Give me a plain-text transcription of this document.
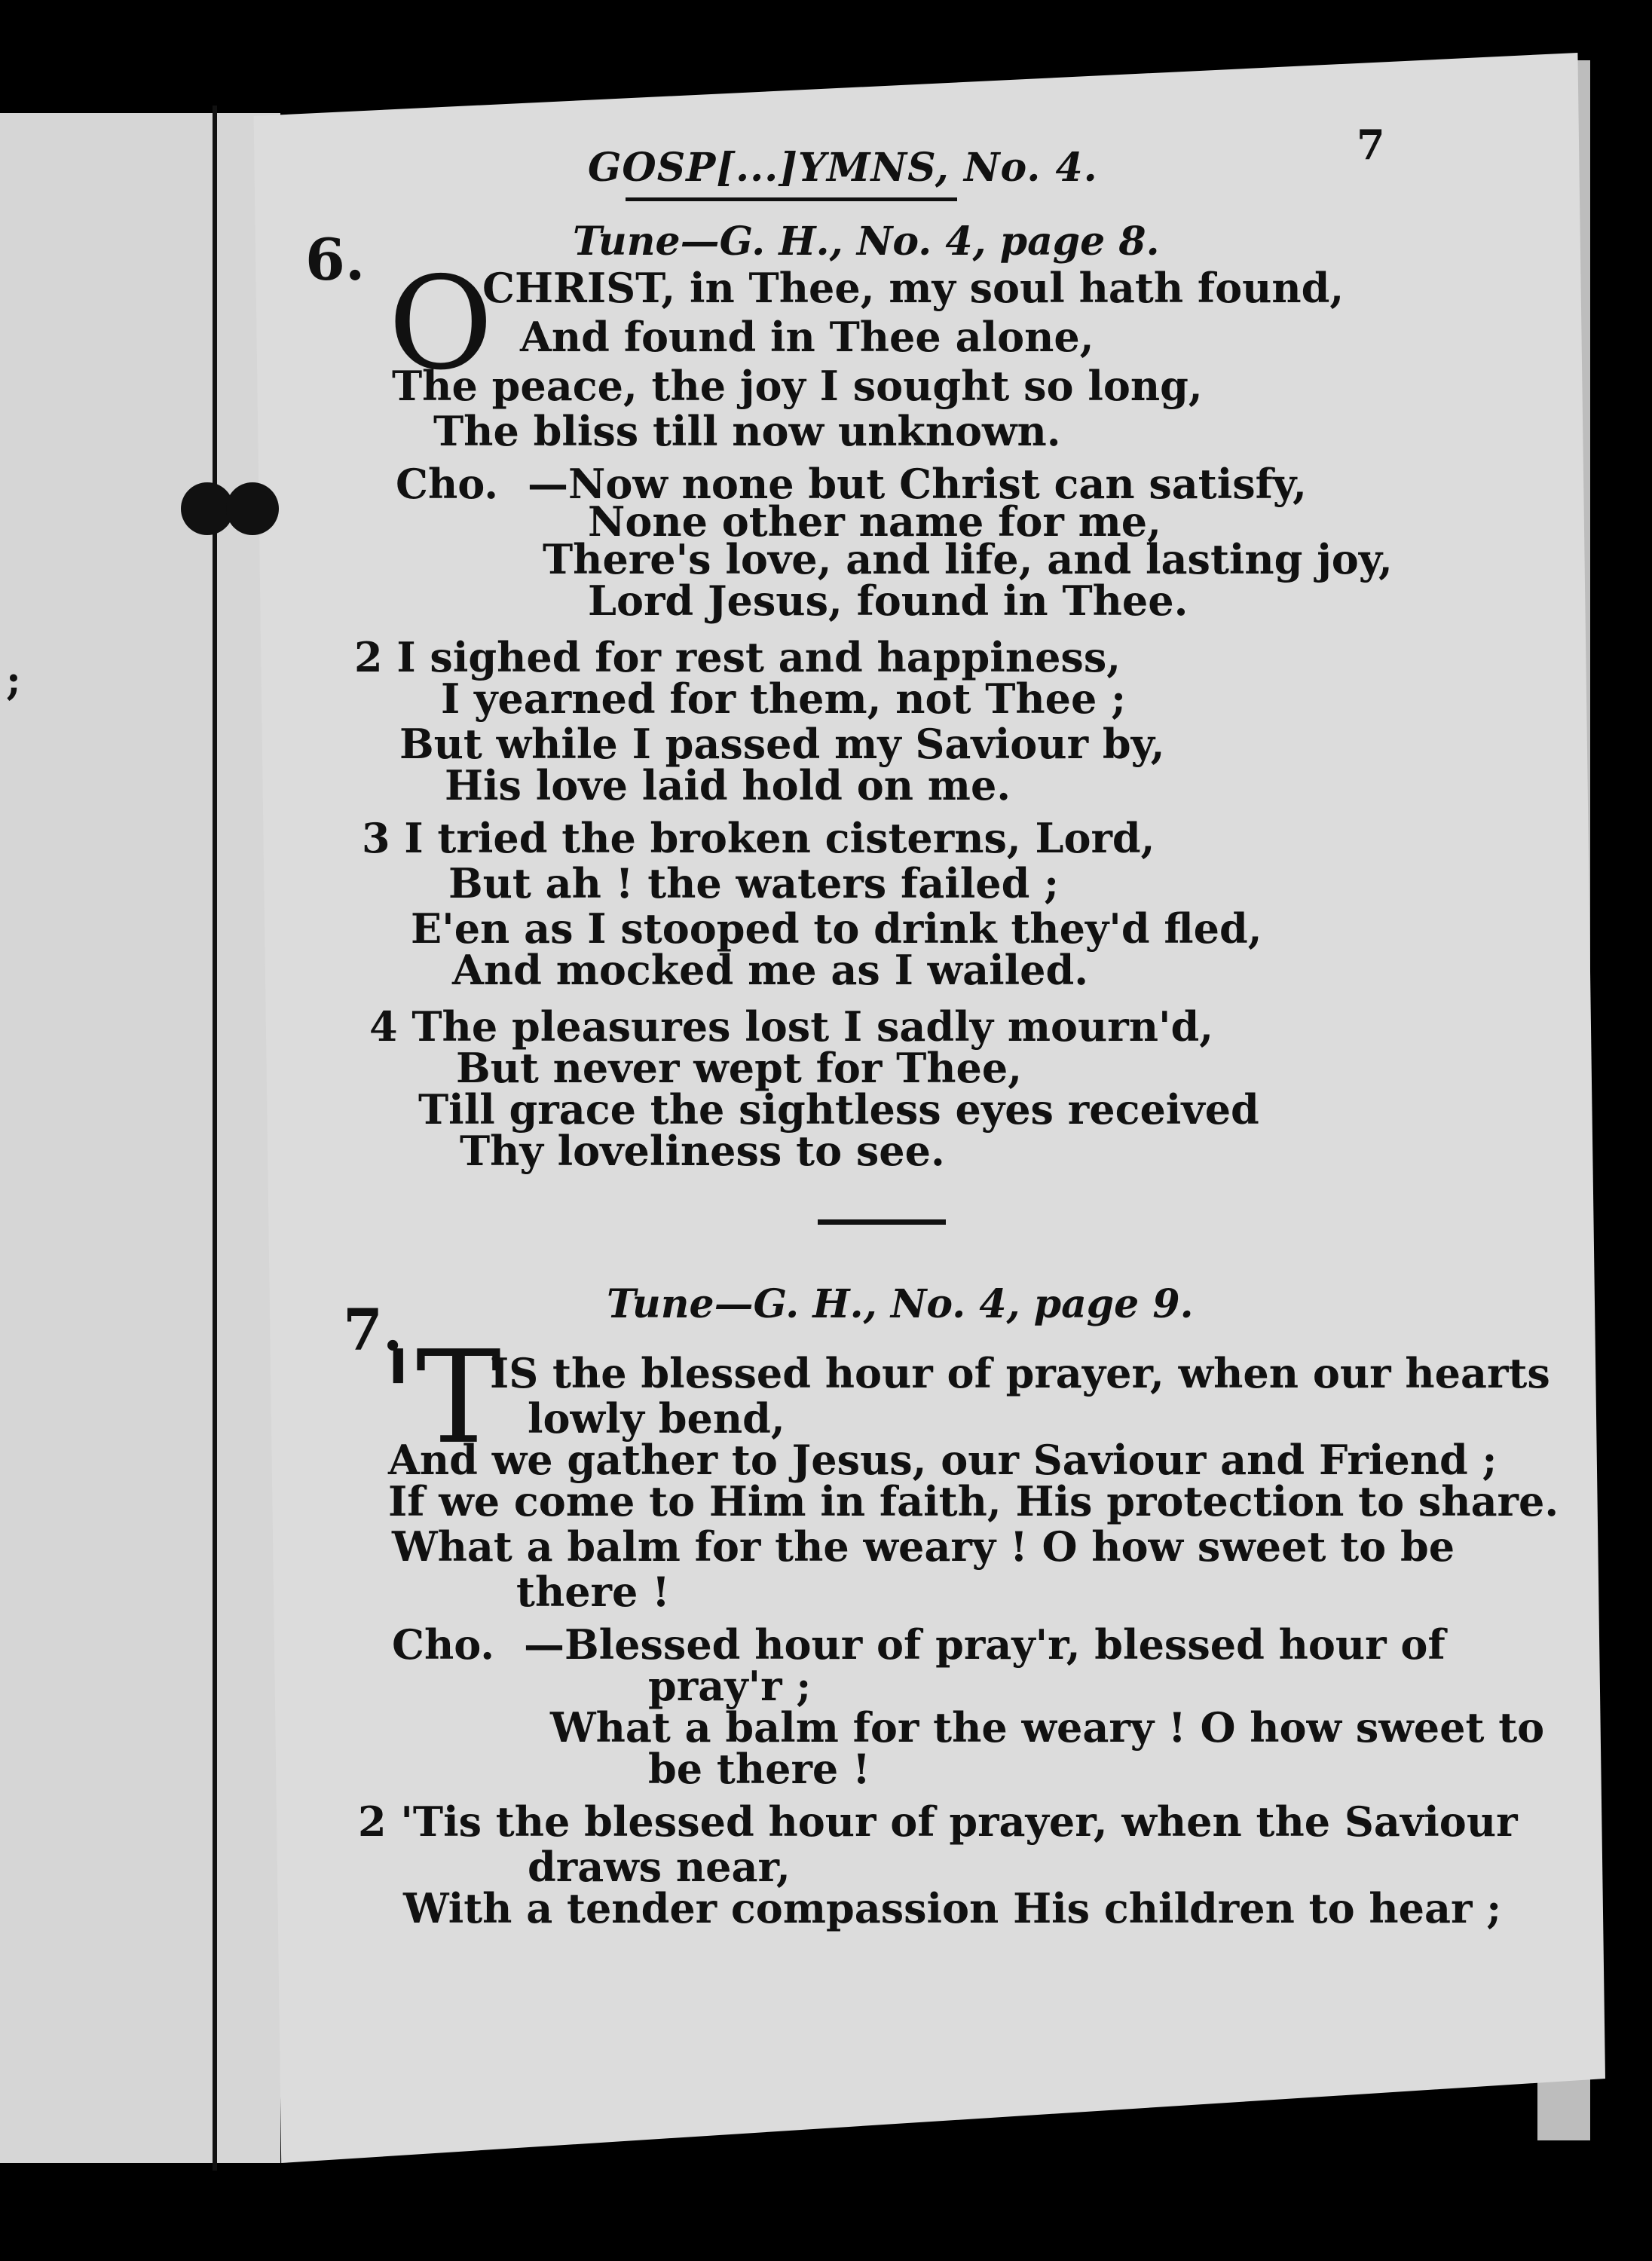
;
GOSP[...]YMNS, No. 4.	7
6.	Tune—G. H., No. 4, page 8.
O
CHRIST, in Thee, my soul hath found,
And found in Thee alone,
The peace, the joy I sought so long,
The bliss till now unknown.
Cho. —Now none but Christ can satisfy,
None other name for me,
There's love, and life, and lasting joy,
Lord Jesus, found in Thee.
2 I sighed for rest and happiness,
I yearned for them, not Thee ;
But while I passed my Saviour by,
His love laid hold on me.
3 I tried the broken cisterns, Lord,
But ah ! the waters failed ;
E'en as I stooped to drink they'd fled,
And mocked me as I wailed.
4 The pleasures lost I sadly mourn'd,
But never wept for Thee,
Till grace the sightless eyes received
Thy loveliness to see.
7.	Tune—G. H., No. 4, page 9.
'T
IS the blessed hour of prayer, when our hearts
lowly bend,
And we gather to Jesus, our Saviour and Friend ;
If we come to Him in faith, His protection to share.
What a balm for the weary ! O how sweet to be
there !
Cho. —Blessed hour of pray'r, blessed hour of
pray'r ;
What a balm for the weary ! O how sweet to
be there !
2 'Tis the blessed hour of prayer, when the Saviour
draws near,
With a tender compassion His children to hear ;
